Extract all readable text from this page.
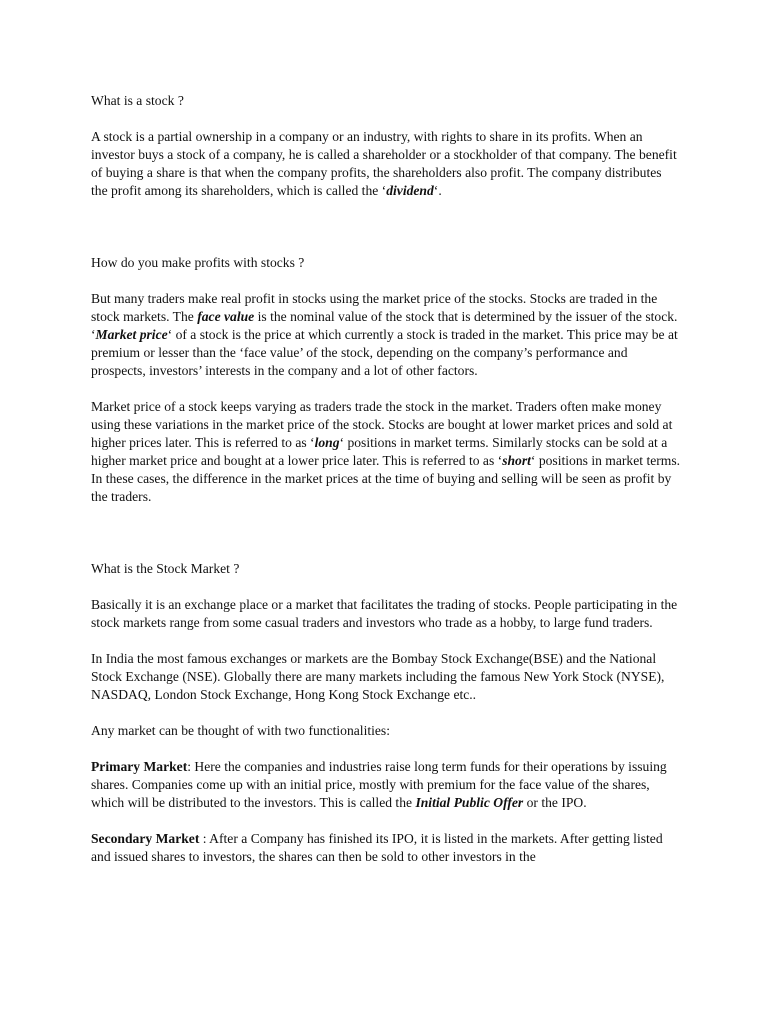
What is a stock ?

A stock is a partial ownership in a company or an industry, with rights to share in its profits. When an investor buys a stock of a company, he is called a shareholder or a stockholder of that company. The benefit of buying a share is that when the company profits, the shareholders also profit. The company distributes the profit among its shareholders, which is called the ‘dividend‘.

How do you make profits with stocks ?

But many traders make real profit in stocks using the market price of the stocks. Stocks are traded in the stock markets. The face value is the nominal value of the stock that is determined by the issuer of the stock. ‘Market price‘ of a stock is the price at which currently a stock is traded in the market. This price may be at premium or lesser than the ‘face value’ of the stock, depending on the company’s performance and prospects, investors’ interests in the company and a lot of other factors.

Market price of a stock keeps varying as traders trade the stock in the market. Traders often make money using these variations in the market price of the stock. Stocks are bought at lower market prices and sold at higher prices later. This is referred to as ‘long‘ positions in market terms. Similarly stocks can be sold at a higher market price and bought at a lower price later. This is referred to as ‘short‘ positions in market terms. In these cases, the difference in the market prices at the time of buying and selling will be seen as profit by the traders.

What is the Stock Market ?

Basically it is an exchange place or a market that facilitates the trading of stocks. People participating in the stock markets range from some casual traders and investors who trade as a hobby, to large fund traders.

In India the most famous exchanges or markets are the Bombay Stock Exchange(BSE) and the National Stock Exchange (NSE). Globally there are many markets including the famous New York Stock (NYSE), NASDAQ, London Stock Exchange, Hong Kong Stock Exchange etc..

Any market can be thought of with two functionalities:

Primary Market: Here the companies and industries raise long term funds for their operations by issuing shares. Companies come up with an initial price, mostly with premium for the face value of the shares, which will be distributed to the investors. This is called the Initial Public Offer or the IPO.

Secondary Market : After a Company has finished its IPO, it is listed in the markets. After getting listed and issued shares to investors, the shares can then be sold to other investors in the
